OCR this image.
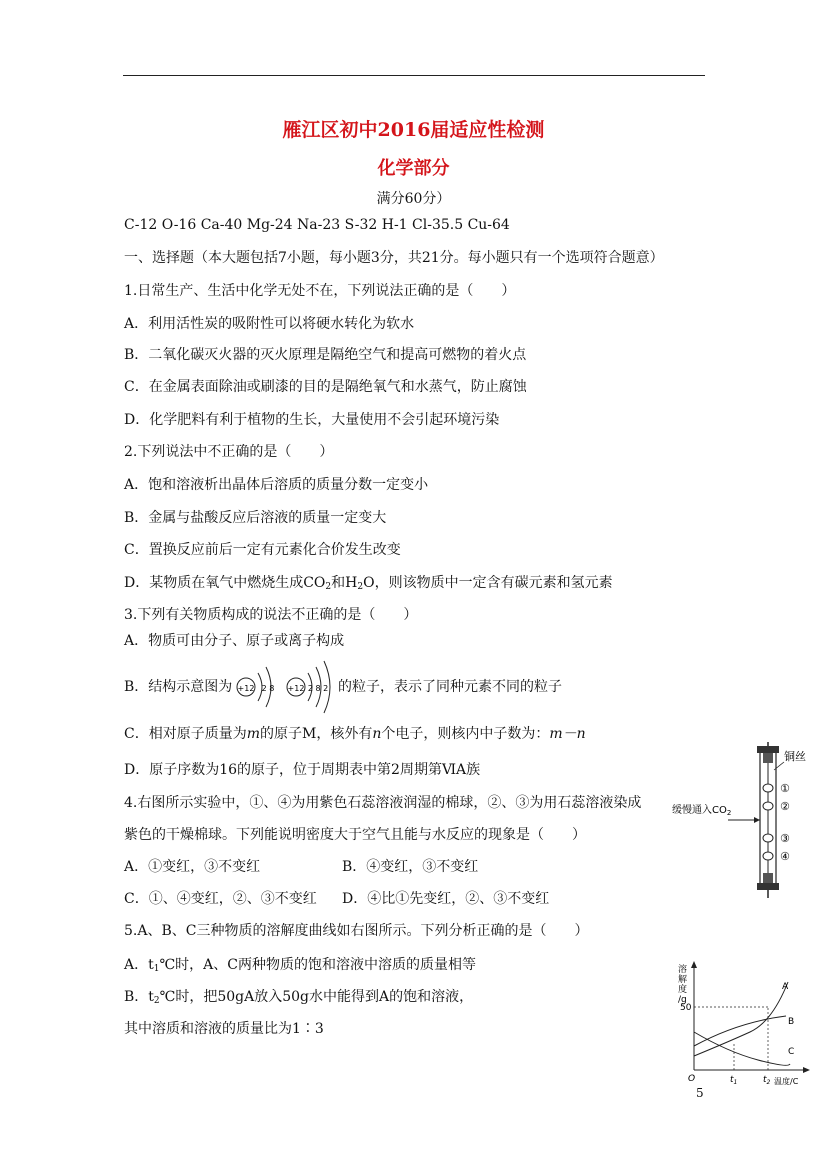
雁江区初中2016届适应性检测
化学部分
满分60分）
C-12 O-16 Ca-40 Mg-24 Na-23 S-32 H-1 Cl-35.5 Cu-64
一、选择题（本大题包括7小题，每小题3分，共21分。每小题只有一个选项符合题意）
1.日常生产、生活中化学无处不在，下列说法正确的是（　　）
A．利用活性炭的吸附性可以将硬水转化为软水
B．二氧化碳灭火器的灭火原理是隔绝空气和提高可燃物的着火点
C．在金属表面除油或刷漆的目的是隔绝氧气和水蒸气，防止腐蚀
D．化学肥料有利于植物的生长，大量使用不会引起环境污染
2.下列说法中不正确的是（　　）
A．饱和溶液析出晶体后溶质的质量分数一定变小
B．金属与盐酸反应后溶液的质量一定变大
C．置换反应前后一定有元素化合价发生改变
D．某物质在氧气中燃烧生成$CO_2$和$H_2O$，则该物质中一定含有碳元素和氢元素
3.下列有关物质构成的说法不正确的是（　　）
A．物质可由分子、原子或离子构成
B．结构示意图为 +12 2 8 +12 2 8 2 的粒子，表示了同种元素不同的粒子
C．相对原子质量为m的原子M，核外有n个电子，则核内中子数为：m－n
D．原子序数为16的原子，位于周期表中第2周期第ⅥA族
4.右图所示实验中，①、④为用紫色石蕊溶液润湿的棉球，②、③为用石蕊溶液染成
紫色的干燥棉球。下列能说明密度大于空气且能与水反应的现象是（　　）
A．①变红，③不变红	B．④变红，③不变红
C．①、④变红，②、③不变红 D．④比①先变红，②、③不变红
铜丝
①
②
③
④
缓慢通入$CO_2$
5.A、B、C三种物质的溶解度曲线如右图所示。下列分析正确的是（　　）
A．$t_1℃$时，A、C两种物质的饱和溶液中溶质的质量相等
B．$t_2℃$时，把50gA放入50g水中能得到A的饱和溶液，
其中溶质和溶液的质量比为1∶3
溶
解
度
/g
50
A
B
C
O	$t_1$	$t_2$ 温度/C
5
